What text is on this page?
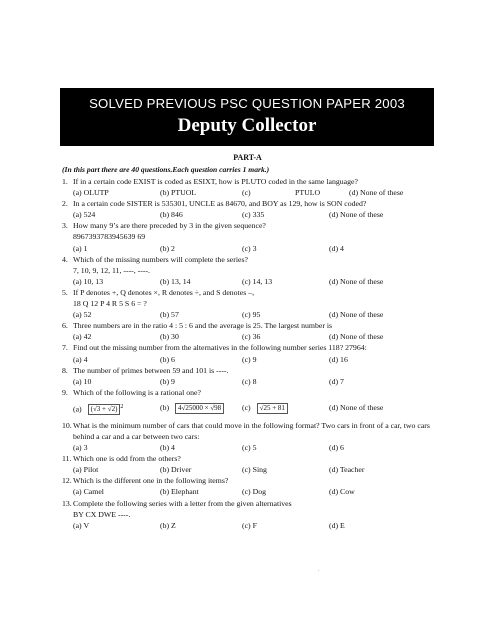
SOLVED PREVIOUS PSC QUESTION PAPER 2003
Deputy Collector
PART-A
(In this part there are 40 questions.Each question carries 1 mark.)
1. If in a certain code EXIST is coded as ESIXT, how is PLUTO coded in the same language?
(a) OLUTP	(b) PTUOL	(c)	PTULO	(d) None of these
2. In a certain code SISTER is 535301, UNCLE as 84670, and BOY as 129, how is SON coded?
(a) 524	(b) 846	(c) 335	(d) None of these
3. How many 9’s are there preceded by 3 in the given sequence?
8967393783945639 69
(a) 1	(b) 2	(c) 3	(d) 4
4. Which of the missing numbers will complete the series?
7, 10, 9, 12, 11, ----, ----.
(a) 10, 13	(b) 13, 14	(c) 14, 13	(d) None of these
5. If P denotes +, Q denotes ×, R denotes ÷, and S denotes –,
18 Q 12 P 4 R 5 S 6 = ?
(a) 52	(b) 57	(c) 95	(d) None of these
6. Three numbers are in the ratio 4 : 5 : 6 and the average is 25. The largest number is
(a) 42	(b) 30	(c) 36	(d) None of these
7. Find out the missing number from the alternatives in the following number series 118? 27964:
(a) 4	(b) 6	(c) 9	(d) 16
8. The number of primes between 59 and 101 is ----.
(a) 10	(b) 9	(c) 8	(d) 7
9. Which of the following is a rational one?
(a) (√3 + √2) $^2$	(b) 4√25000 × √98	(c) √25 + 81	(d) None of these
10. What is the minimum number of cars that could move in the following format? Two cars in front of a car, two cars behind a car and a car between two cars:
(a) 3	(b) 4	(c) 5	(d) 6
11. Which one is odd from the others?
(a) Pilot	(b) Driver	(c) Sing	(d) Teacher
12. Which is the different one in the following items?
(a) Camel	(b) Elephant	(c) Dog	(d) Cow
13. Complete the following series with a letter from the given alternatives
BY CX DWE ----.
(a) V	(b) Z	(c) F	(d) E
.
